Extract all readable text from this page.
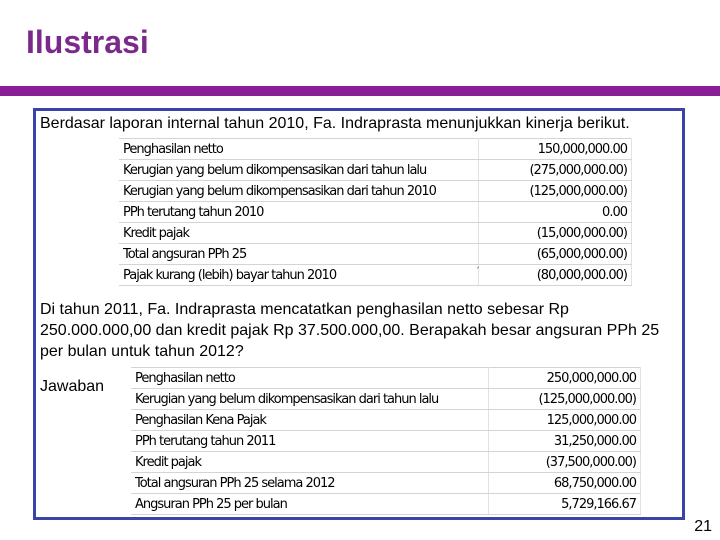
Ilustrasi
Berdasar laporan internal tahun 2010, Fa. Indraprasta menunjukkan kinerja berikut.
Penghasilan netto	150,000,000.00
Kerugian yang belum dikompensasikan dari tahun lalu	(275,000,000.00)
Kerugian yang belum dikompensasikan dari tahun 2010	(125,000,000.00)
PPh terutang tahun 2010	0.00
Kredit pajak	(15,000,000.00)
Total angsuran PPh 25	(65,000,000.00)
Pajak kurang (lebih) bayar tahun 2010	(80,000,000.00)
ˏ
Di tahun 2011, Fa. Indraprasta mencatatkan penghasilan netto sebesar Rp 250.000.000,00 dan kredit pajak Rp 37.500.000,00. Berapakah besar angsuran PPh 25 per bulan untuk tahun 2012?
Jawaban Penghasilan netto	250,000,000.00
Kerugian yang belum dikompensasikan dari tahun lalu	(125,000,000.00)
Penghasilan Kena Pajak	125,000,000.00
PPh terutang tahun 2011	31,250,000.00
Kredit pajak	(37,500,000.00)
Total angsuran PPh 25 selama 2012	68,750,000.00
Angsuran PPh 25 per bulan	5,729,166.67
21
